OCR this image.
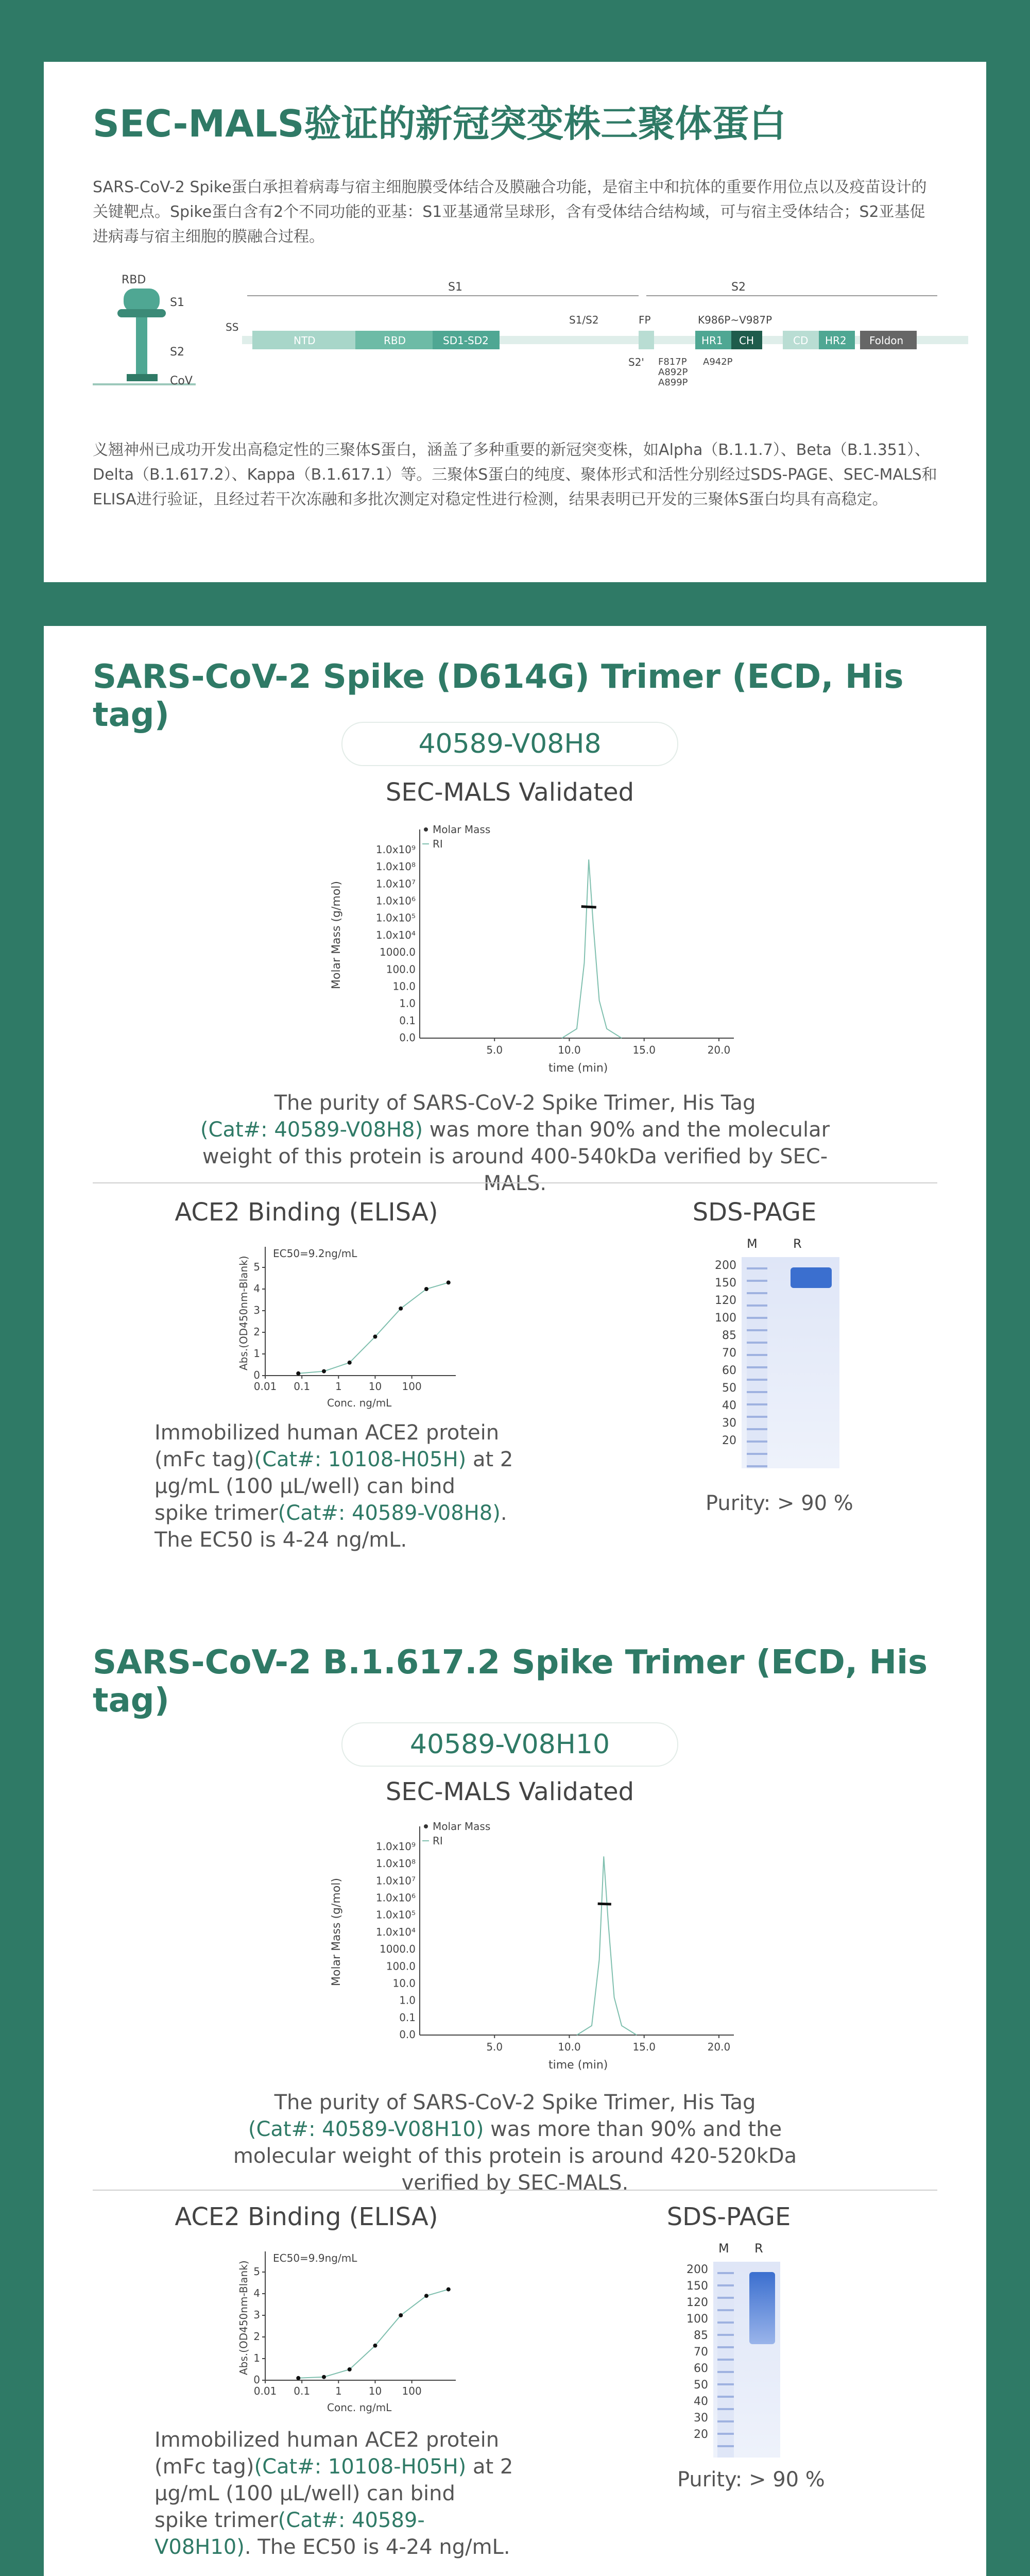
SEC-MALS验证的新冠突变株三聚体蛋白
SARS-CoV-2 Spike蛋白承担着病毒与宿主细胞膜受体结合及膜融合功能，是宿主中和抗体的重要作用位点以及疫苗设计的关键靶点。Spike蛋白含有2个不同功能的亚基：S1亚基通常呈球形，含有受体结合结构域，可与宿主受体结合；S2亚基促进病毒与宿主细胞的膜融合过程。
RBD
S1
S2
CoV
S1	S2
SS
S1/S2	FP	K986P~V987P
NTD	RBD	SD1-SD2	HR1 CH	CD HR2 Foldon
S2' F817P
A892P
A899P
A942P
义翘神州已成功开发出高稳定性的三聚体S蛋白，涵盖了多种重要的新冠突变株，如Alpha（B.1.1.7）、Beta（B.1.351）、Delta（B.1.617.2）、Kappa（B.1.617.1）等。三聚体S蛋白的纯度、聚体形式和活性分别经过SDS-PAGE、SEC-MALS和ELISA进行验证，且经过若干次冻融和多批次测定对稳定性进行检测，结果表明已开发的三聚体S蛋白均具有高稳定。
SARS-CoV-2 Spike (D614G) Trimer (ECD, His tag)
40589-V08H8
SEC-MALS Validated
Molar Mass (g/mol)
time (min)
Molar Mass
RI
0.0
0.1
1.0
10.0
100.0
1000.0
1.0x10⁴
1.0x10⁵
1.0x10⁶
1.0x10⁷
1.0x10⁸
1.0x10⁹
5.0	10.0	15.0	20.0
The purity of SARS-CoV-2 Spike Trimer, His Tag
(Cat#: 40589-V08H8) was more than 90% and the molecular weight of this protein is around 400-540kDa verified by SEC-MALS.
ACE2 Binding (ELISA)
EC50=9.2ng/mL
Abs.(OD450nm-Blank)
Conc. ng/mL
0
1
2
3
4
5
0.01 0.1 1	10 100
Immobilized human ACE2 protein (mFc tag)(Cat#: 10108-H05H) at 2 μg/mL (100 μL/well) can bind spike trimer(Cat#: 40589-V08H8). The EC50 is 4-24 ng/mL.
SDS-PAGE
M	R
200
150
120
100
85
70
60
50
40
30
20
Purity: > 90 %
SARS-CoV-2 B.1.617.2 Spike Trimer (ECD, His tag)
40589-V08H10
SEC-MALS Validated
Molar Mass (g/mol)
time (min)
Molar Mass
RI
0.0
0.1
1.0
10.0
100.0
1000.0
1.0x10⁴
1.0x10⁵
1.0x10⁶
1.0x10⁷
1.0x10⁸
1.0x10⁹
5.0	10.0	15.0	20.0
The purity of SARS-CoV-2 Spike Trimer, His Tag
(Cat#: 40589-V08H10) was more than 90% and the molecular weight of this protein is around 420-520kDa verified by SEC-MALS.
ACE2 Binding (ELISA)
EC50=9.9ng/mL
Abs.(OD450nm-Blank)
Conc. ng/mL
0
1
2
3
4
5
0.01 0.1 1	10 100
Immobilized human ACE2 protein (mFc tag)(Cat#: 10108-H05H) at 2 μg/mL (100 μL/well) can bind spike trimer(Cat#: 40589-V08H10). The EC50 is 4-24 ng/mL.
SDS-PAGE
M R
200
150
120
100
85
70
60
50
40
30
20
Purity: > 90 %
